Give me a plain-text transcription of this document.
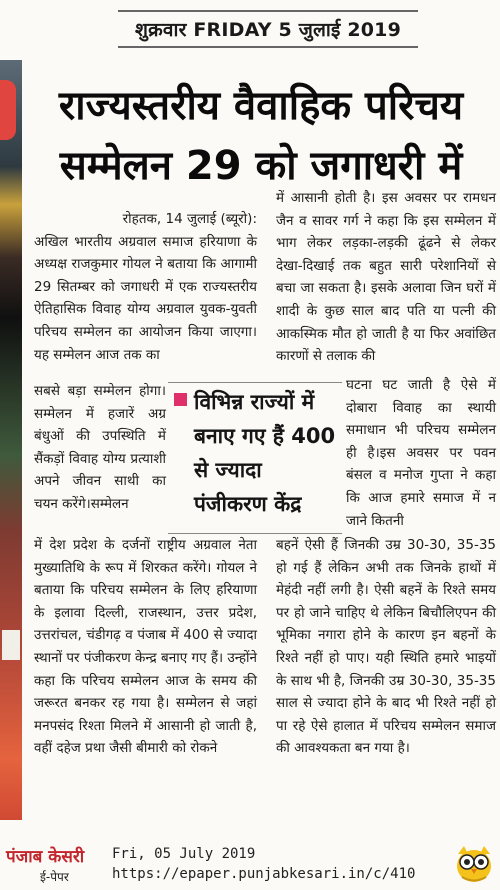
शुक्रवार FRIDAY 5 जुलाई 2019
राज्यस्तरीय वैवाहिक परिचय
सम्मेलन 29 को जगाधरी में

रोहतक, 14 जुलाई (ब्यूरो):

अखिल भारतीय अग्रवाल समाज हरियाणा के अध्यक्ष राजकुमार गोयल ने बताया कि आगामी 29 सितम्बर को जगाधरी में एक राज्यस्तरीय ऐतिहासिक विवाह योग्य अग्रवाल युवक-युवती परिचय सम्मेलन का आयोजन किया जाएगा। यह सम्मेलन आज तक का

सबसे बड़ा सम्मेलन होगा। सम्मेलन में हजारें अग्र बंधुओं की उपस्थिति में सैंकड़ों विवाह योग्य प्रत्याशी अपने जीवन साथी का चयन करेंगे।सम्मेलन

में देश प्रदेश के दर्जनों राष्ट्रीय अग्रवाल नेता मुख्यातिथि के रूप में शिरकत करेंगे। गोयल ने बताया कि परिचय सम्मेलन के लिए हरियाणा के इलावा दिल्ली, राजस्थान, उत्तर प्रदेश, उत्तरांचल, चंडीगढ़ व पंजाब में 400 से ज्यादा स्थानों पर पंजीकरण केन्द्र बनाए गए हैं। उन्होंने कहा कि परिचय सम्मेलन आज के समय की जरूरत बनकर रह गया है। सम्मेलन से जहां मनपसंद रिश्ता मिलने में आसानी हो जाती है, वहीं दहेज प्रथा जैसी बीमारी को रोकने

में आसानी होती है। इस अवसर पर रामधन जैन व सावर गर्ग ने कहा कि इस सम्मेलन में भाग लेकर लड़का-लड़की ढूंढने से लेकर देखा-दिखाई तक बहुत सारी परेशानियों से बचा जा सकता है। इसके अलावा जिन घरों में शादी के कुछ साल बाद पति या पत्नी की आकस्मिक मौत हो जाती है या फिर अवांछित कारणों से तलाक की

घटना घट जाती है ऐसे में दोबारा विवाह का स्थायी समाधान भी परिचय सम्मेलन ही है।इस अवसर पर पवन बंसल व मनोज गुप्ता ने कहा कि आज हमारे समाज में न जाने कितनी

बहनें ऐसी हैं जिनकी उम्र 30-30, 35-35 हो गई हैं लेकिन अभी तक जिनके हाथों में मेहंदी नहीं लगी है। ऐसी बहनें के रिश्ते समय पर हो जाने चाहिए थे लेकिन बिचौलिएपन की भूमिका नगारा होने के कारण इन बहनों के रिश्ते नहीं हो पाए। यही स्थिति हमारे भाइयों के साथ भी है, जिनकी उम्र 30-30, 35-35 साल से ज्यादा होने के बाद भी रिश्ते नहीं हो पा रहे ऐसे हालात में परिचय सम्मेलन समाज की आवश्यकता बन गया है।

विभिन्न राज्यों में बनाए गए हैं 400 से ज्यादा पंजीकरण केंद्र
पंजाब केसरी
ई-पेपर
Fri, 05 July 2019
https://epaper.punjabkesari.in/c/410
